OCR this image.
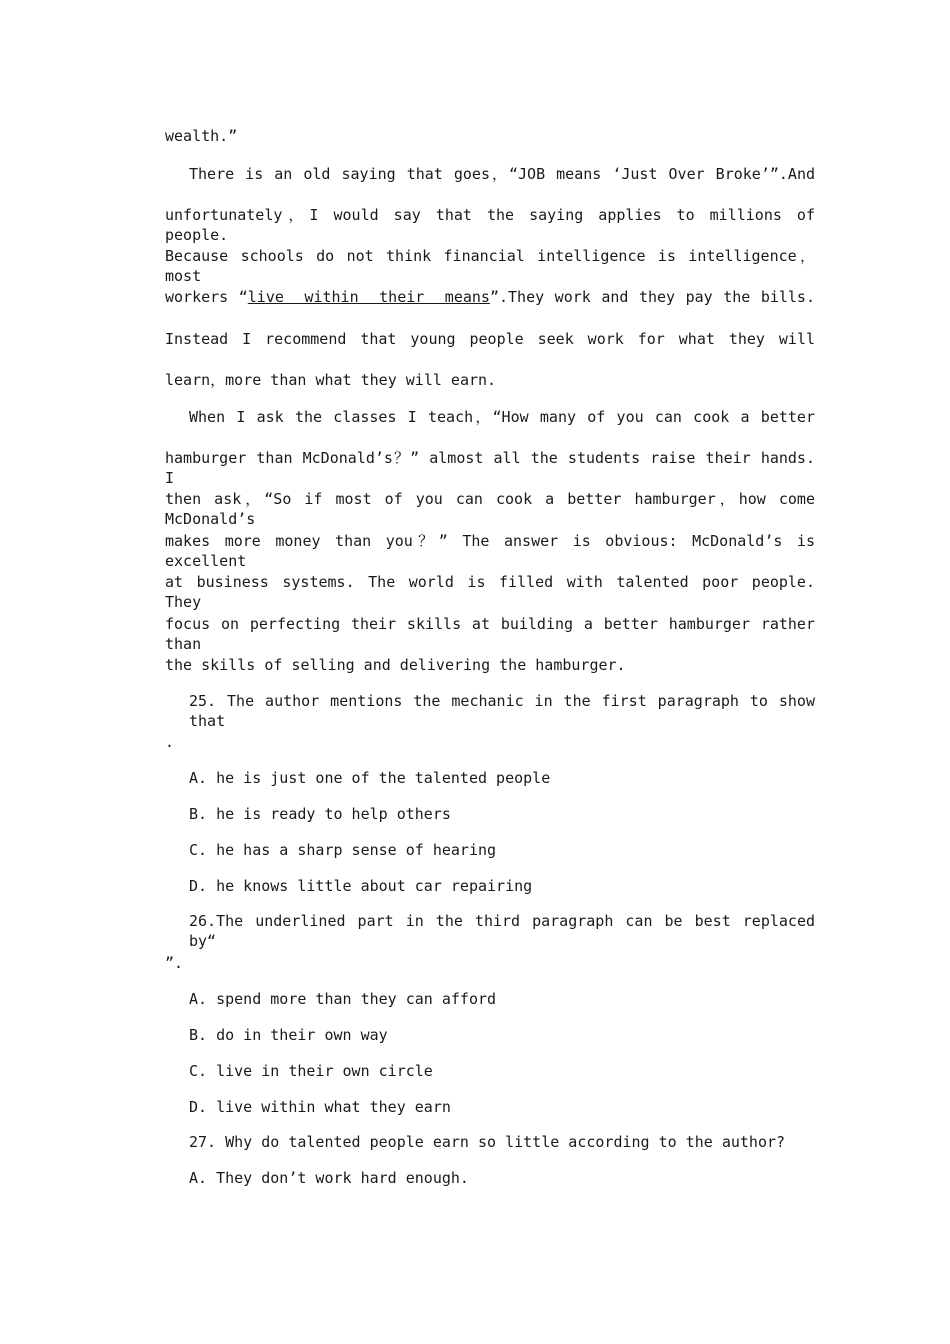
wealth.”
There is an old saying that goes，“JOB means ‘Just Over Broke’”.And
unfortunately，I would say that the saying applies to millions of people.
Because schools do not think financial intelligence is intelligence，most
workers “live within their means”.They work and they pay the bills.
Instead I recommend that young people seek work for what they will
learn，more than what they will earn.
When I ask the classes I teach，“How many of you can cook a better
hamburger than McDonald’s？” almost all the students raise their hands. I
then ask，“So if most of you can cook a better hamburger，how come McDonald’s
makes more money than you？” The answer is obvious: McDonald’s is excellent
at business systems. The world is filled with talented poor people. They
focus on perfecting their skills at building a better hamburger rather than
the skills of selling and delivering the hamburger.
25. The author mentions the mechanic in the first paragraph to show that
.
A. he is just one of the talented people
B. he is ready to help others
C. he has a sharp sense of hearing
D. he knows little about car repairing
26.The underlined part in the third paragraph can be best replaced by“
”.
A. spend more than they can afford
B. do in their own way
C. live in their own circle
D. live within what they earn
27. Why do talented people earn so little according to the author?
A. They don’t work hard enough.
